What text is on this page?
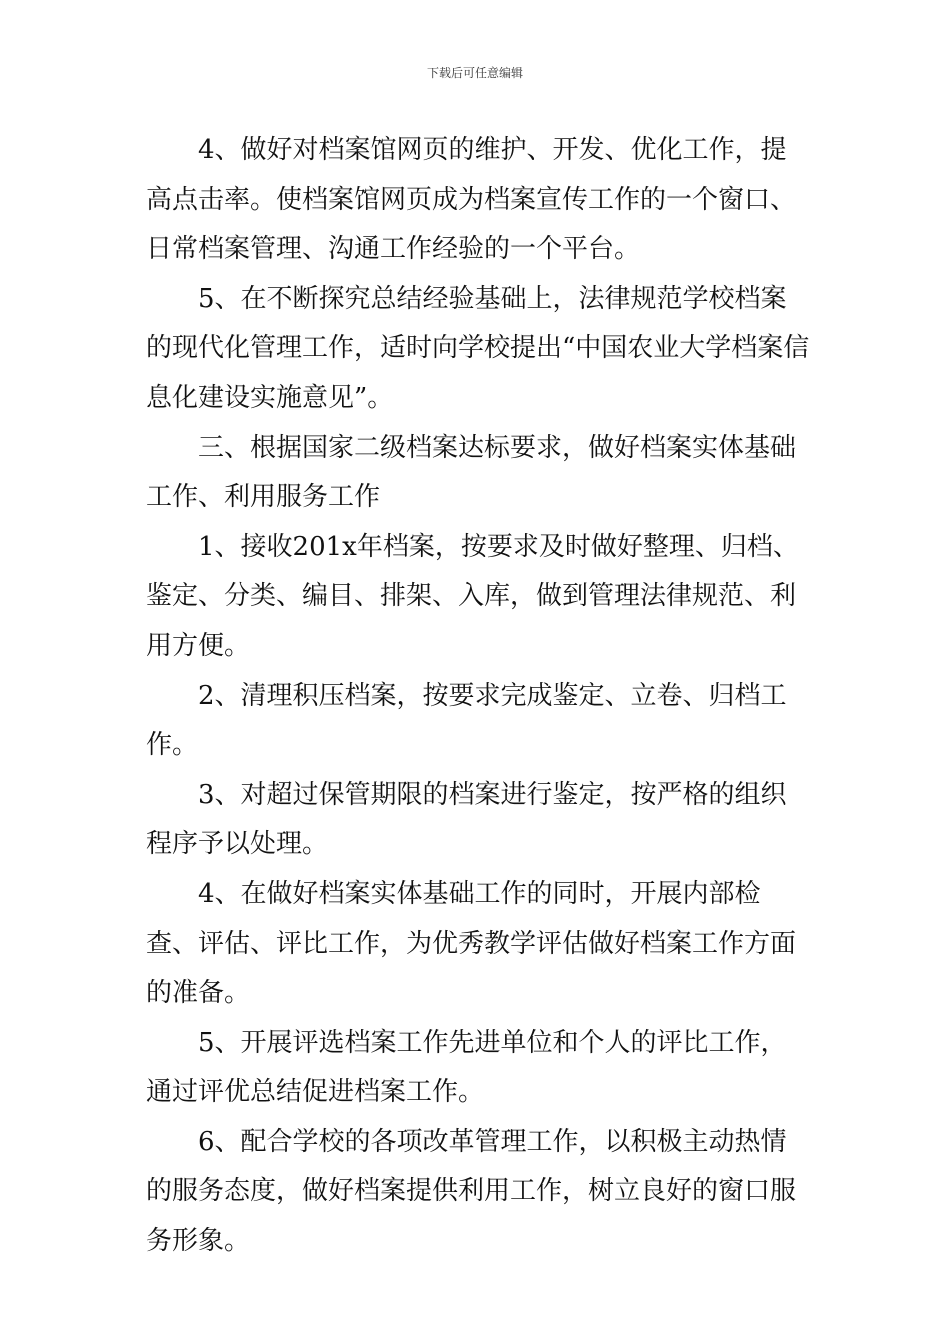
下载后可任意编辑

4、做好对档案馆网页的维护、开发、优化工作，提高点击率。使档案馆网页成为档案宣传工作的一个窗口、日常档案管理、沟通工作经验的一个平台。

5、在不断探究总结经验基础上，法律规范学校档案的现代化管理工作，适时向学校提出“中国农业大学档案信息化建设实施意见”。

三、根据国家二级档案达标要求，做好档案实体基础工作、利用服务工作

1、接收201x年档案，按要求及时做好整理、归档、鉴定、分类、编目、排架、入库，做到管理法律规范、利用方便。

2、清理积压档案，按要求完成鉴定、立卷、归档工作。

3、对超过保管期限的档案进行鉴定，按严格的组织程序予以处理。

4、在做好档案实体基础工作的同时，开展内部检查、评估、评比工作，为优秀教学评估做好档案工作方面的准备。

5、开展评选档案工作先进单位和个人的评比工作，通过评优总结促进档案工作。

6、配合学校的各项改革管理工作，以积极主动热情的服务态度，做好档案提供利用工作，树立良好的窗口服务形象。
